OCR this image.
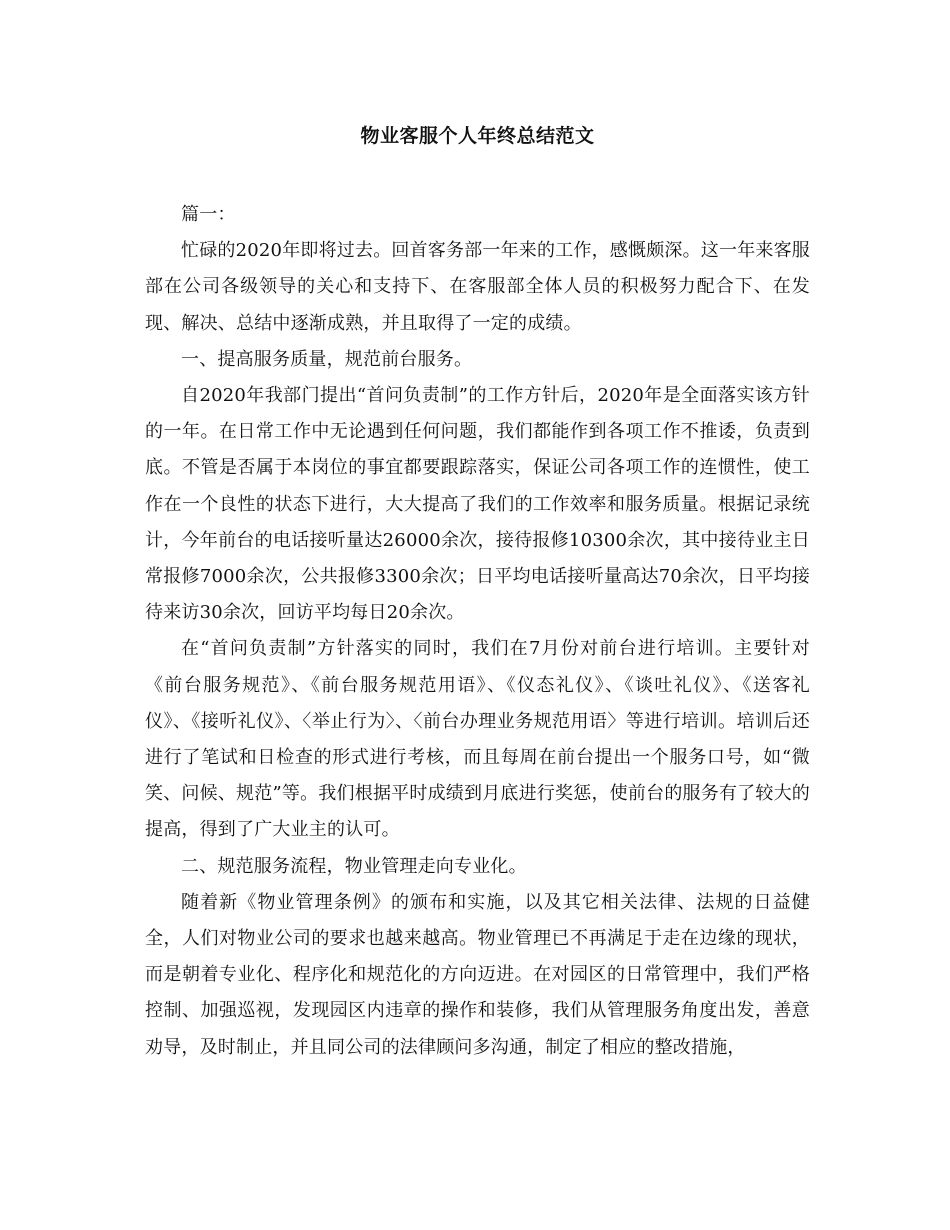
物业客服个人年终总结范文

篇一：

忙碌的2020年即将过去。回首客务部一年来的工作，感慨颇深。这一年来客服部在公司各级领导的关心和支持下、在客服部全体人员的积极努力配合下、在发现、解决、总结中逐渐成熟，并且取得了一定的成绩。

一、提高服务质量，规范前台服务。

自2020年我部门提出“首问负责制”的工作方针后，2020年是全面落实该方针的一年。在日常工作中无论遇到任何问题，我们都能作到各项工作不推诿，负责到底。不管是否属于本岗位的事宜都要跟踪落实，保证公司各项工作的连惯性，使工作在一个良性的状态下进行，大大提高了我们的工作效率和服务质量。根据记录统计，今年前台的电话接听量达26000余次，接待报修10300余次，其中接待业主日常报修7000余次，公共报修3300余次；日平均电话接听量高达70余次，日平均接待来访30余次，回访平均每日20余次。

在“首问负责制”方针落实的同时，我们在7月份对前台进行培训。主要针对《前台服务规范》、《前台服务规范用语》、《仪态礼仪》、《谈吐礼仪》、《送客礼仪》、《接听礼仪》、〈举止行为〉、〈前台办理业务规范用语〉等进行培训。培训后还进行了笔试和日检查的形式进行考核，而且每周在前台提出一个服务口号，如“微笑、问候、规范”等。我们根据平时成绩到月底进行奖惩，使前台的服务有了较大的提高，得到了广大业主的认可。

二、规范服务流程，物业管理走向专业化。

随着新《物业管理条例》的颁布和实施，以及其它相关法律、法规的日益健全，人们对物业公司的要求也越来越高。物业管理已不再满足于走在边缘的现状，而是朝着专业化、程序化和规范化的方向迈进。在对园区的日常管理中，我们严格控制、加强巡视，发现园区内违章的操作和装修，我们从管理服务角度出发，善意劝导，及时制止，并且同公司的法律顾问多沟通，制定了相应的整改措施，
